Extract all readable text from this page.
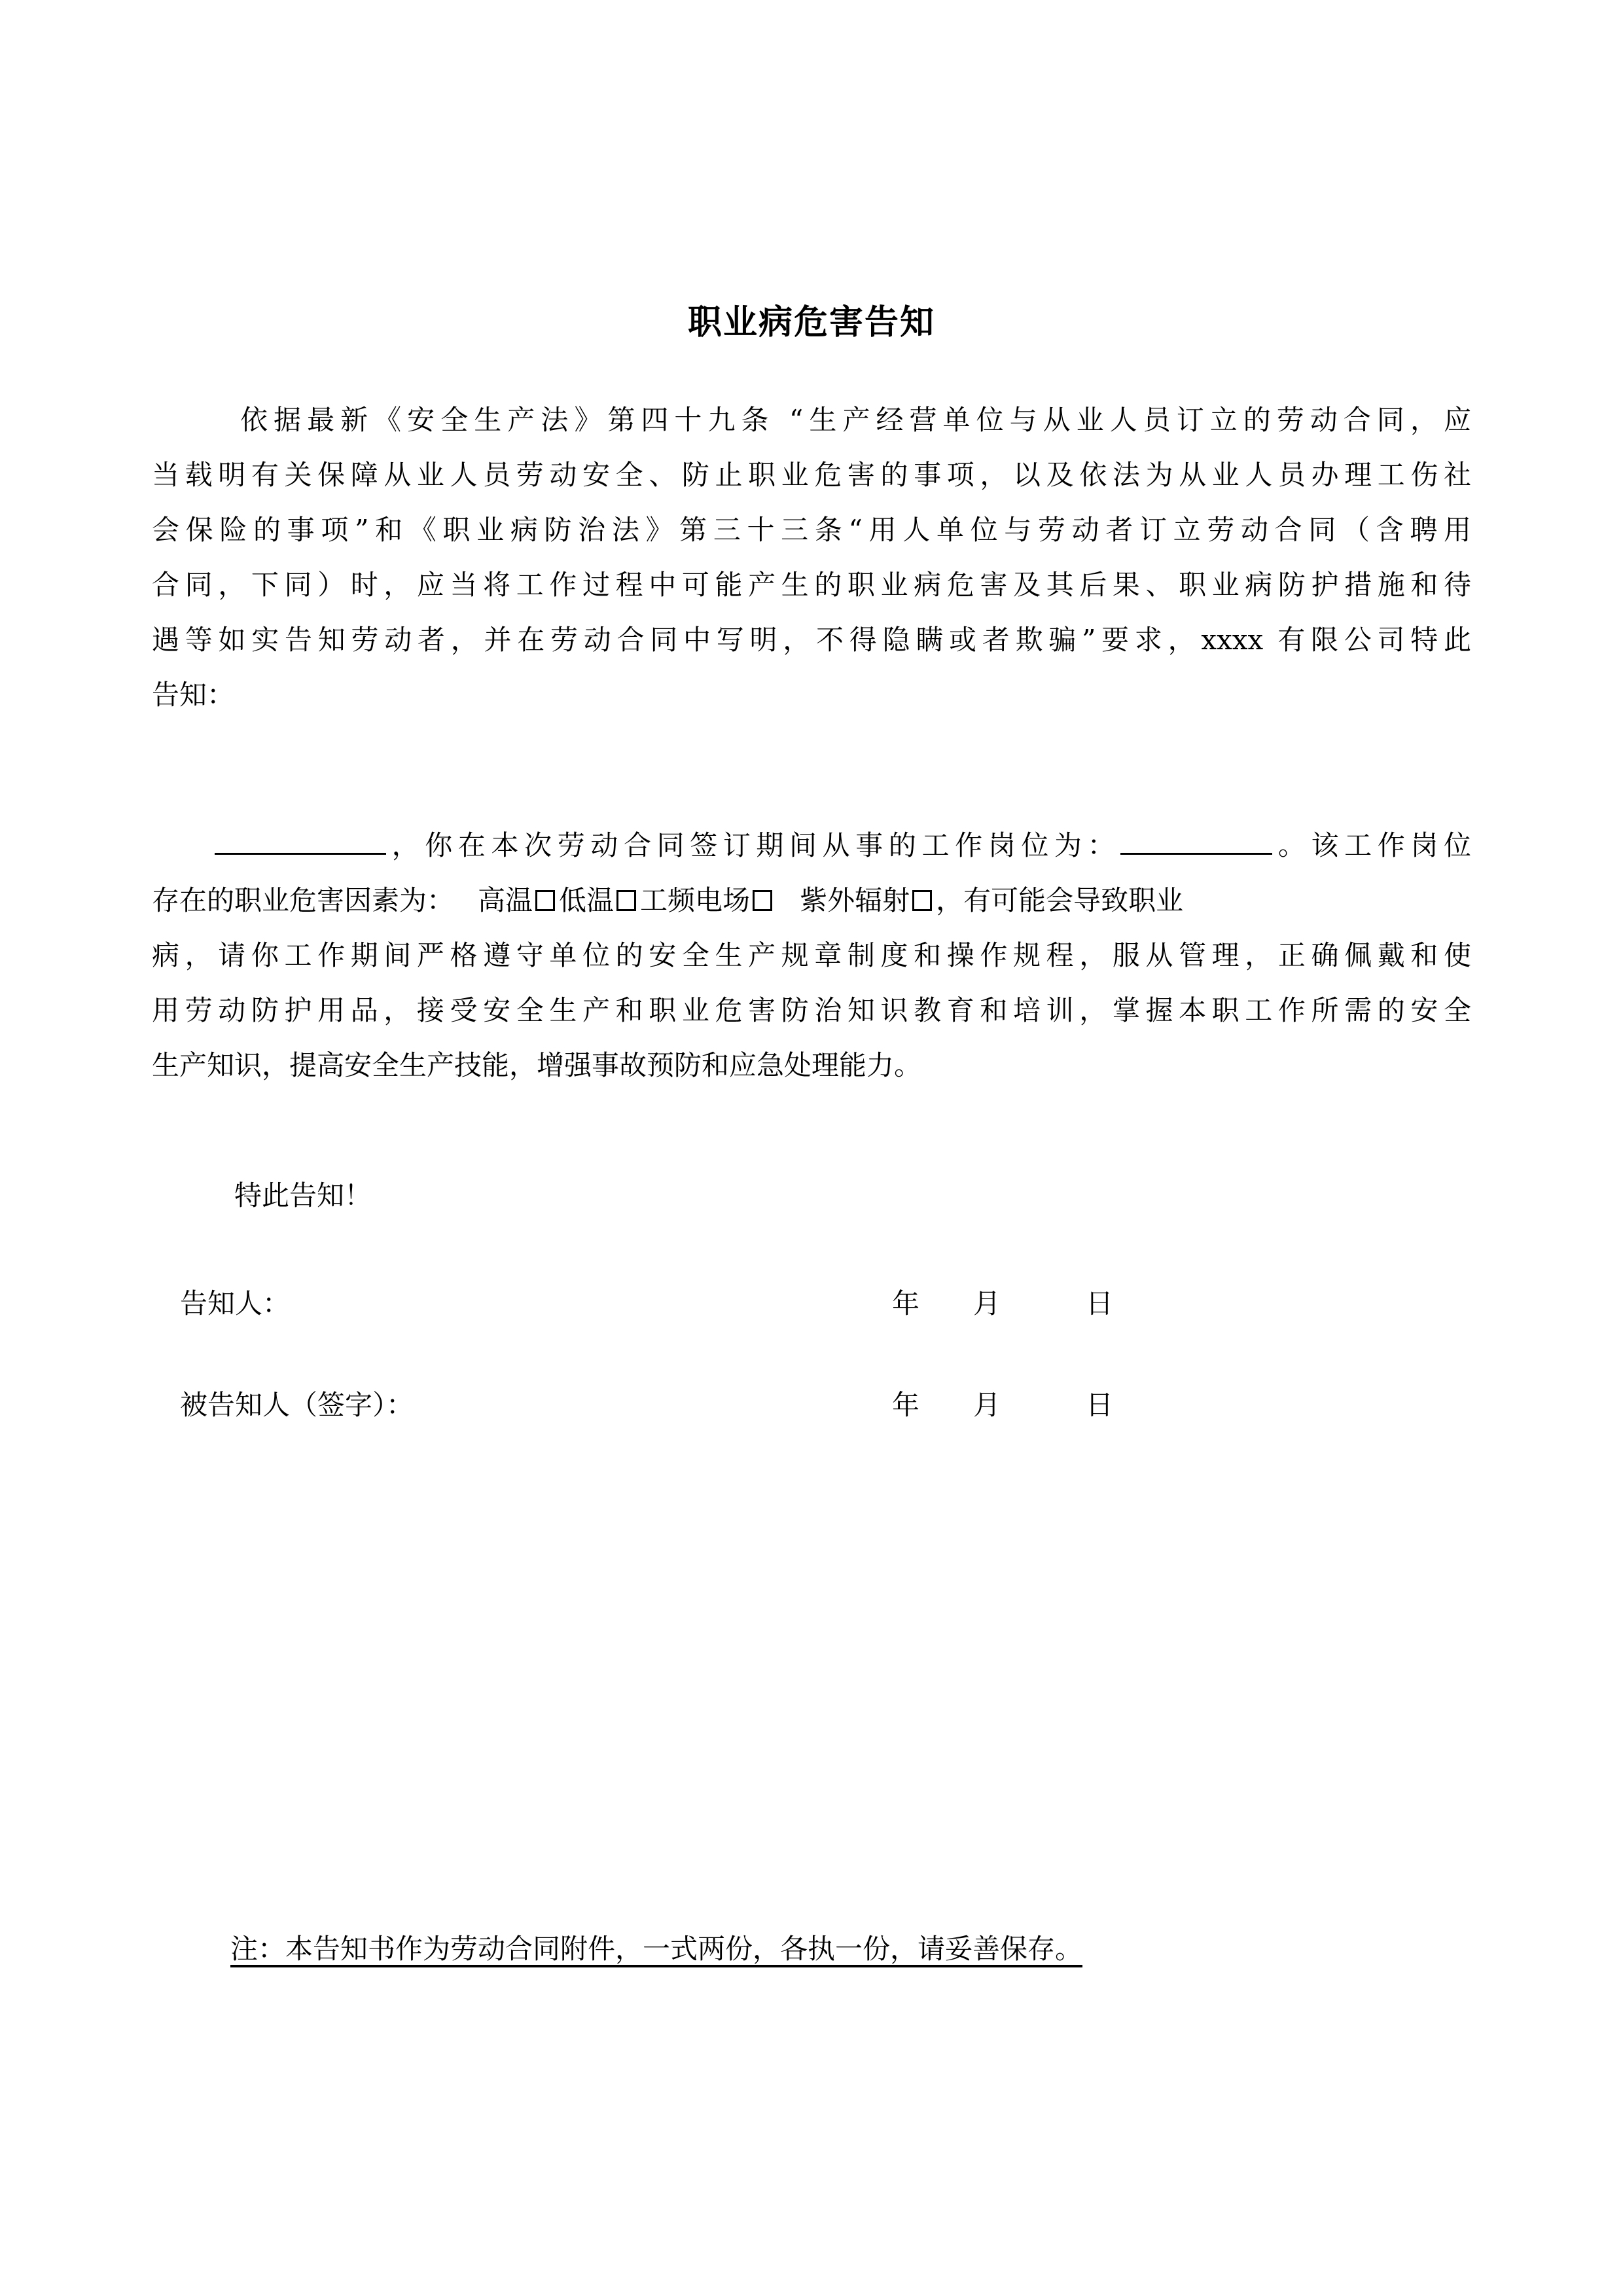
职业病危害告知
依据最新《安全生产法》第四十九条 “生产经营单位与从业人员订立的劳动合同，应
当载明有关保障从业人员劳动安全、防止职业危害的事项，以及依法为从业人员办理工伤社
会保险的事项”和《职业病防治法》第三十三条“用人单位与劳动者订立劳动合同（含聘用
合同，下同）时，应当将工作过程中可能产生的职业病危害及其后果、职业病防护措施和待
遇等如实告知劳动者，并在劳动合同中写明，不得隐瞒或者欺骗”要求，xxxx 有限公司特此
告知：
，你在本次劳动合同签订期间从事的工作岗位为：	。该工作岗位
存在的职业危害因素为： 高温 低温 工频电场 紫外辐射 ，有可能会导致职业
病，请你工作期间严格遵守单位的安全生产规章制度和操作规程，服从管理，正确佩戴和使
用劳动防护用品，接受安全生产和职业危害防治知识教育和培训，掌握本职工作所需的安全
生产知识，提高安全生产技能，增强事故预防和应急处理能力。
特此告知！
告知人：	年 月	日
被告知人（签字）：	年 月	日
注：本告知书作为劳动合同附件，一式两份，各执一份，请妥善保存。
